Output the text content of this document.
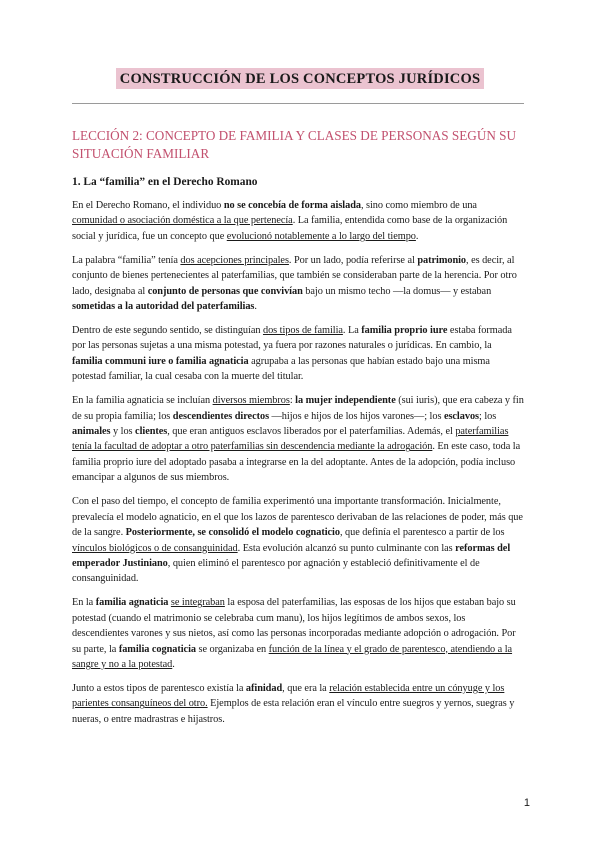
CONSTRUCCIÓN DE LOS CONCEPTOS JURÍDICOS
LECCIÓN 2: CONCEPTO DE FAMILIA Y CLASES DE PERSONAS SEGÚN SU SITUACIÓN FAMILIAR
1. La “familia” en el Derecho Romano

En el Derecho Romano, el individuo no se concebía de forma aislada, sino como miembro de una comunidad o asociación doméstica a la que pertenecía. La familia, entendida como base de la organización social y jurídica, fue un concepto que evolucionó notablemente a lo largo del tiempo.

La palabra “familia” tenía dos acepciones principales. Por un lado, podía referirse al patrimonio, es decir, al conjunto de bienes pertenecientes al paterfamilias, que también se consideraban parte de la herencia. Por otro lado, designaba al conjunto de personas que convivían bajo un mismo techo —la domus— y estaban sometidas a la autoridad del paterfamilias.

Dentro de este segundo sentido, se distinguían dos tipos de familia. La familia proprio iure estaba formada por las personas sujetas a una misma potestad, ya fuera por razones naturales o jurídicas. En cambio, la familia communi iure o familia agnaticia agrupaba a las personas que habían estado bajo una misma potestad familiar, la cual cesaba con la muerte del titular.

En la familia agnaticia se incluían diversos miembros: la mujer independiente (sui iuris), que era cabeza y fin de su propia familia; los descendientes directos —hijos e hijos de los hijos varones—; los esclavos; los animales y los clientes, que eran antiguos esclavos liberados por el paterfamilias. Además, el paterfamilias tenía la facultad de adoptar a otro paterfamilias sin descendencia mediante la adrogación. En este caso, toda la familia proprio iure del adoptado pasaba a integrarse en la del adoptante. Antes de la adopción, podía incluso emancipar a algunos de sus miembros.

Con el paso del tiempo, el concepto de familia experimentó una importante transformación. Inicialmente, prevalecía el modelo agnaticio, en el que los lazos de parentesco derivaban de las relaciones de poder, más que de la sangre. Posteriormente, se consolidó el modelo cognaticio, que definía el parentesco a partir de los vínculos biológicos o de consanguinidad. Esta evolución alcanzó su punto culminante con las reformas del emperador Justiniano, quien eliminó el parentesco por agnación y estableció definitivamente el de consanguinidad.

En la familia agnaticia se integraban la esposa del paterfamilias, las esposas de los hijos que estaban bajo su potestad (cuando el matrimonio se celebraba cum manu), los hijos legítimos de ambos sexos, los descendientes varones y sus nietos, así como las personas incorporadas mediante adopción o adrogación. Por su parte, la familia cognaticia se organizaba en función de la línea y el grado de parentesco, atendiendo a la sangre y no a la potestad.

Junto a estos tipos de parentesco existía la afinidad, que era la relación establecida entre un cónyuge y los parientes consanguíneos del otro. Ejemplos de esta relación eran el vínculo entre suegros y yernos, suegras y nueras, o entre madrastras e hijastros.

1
